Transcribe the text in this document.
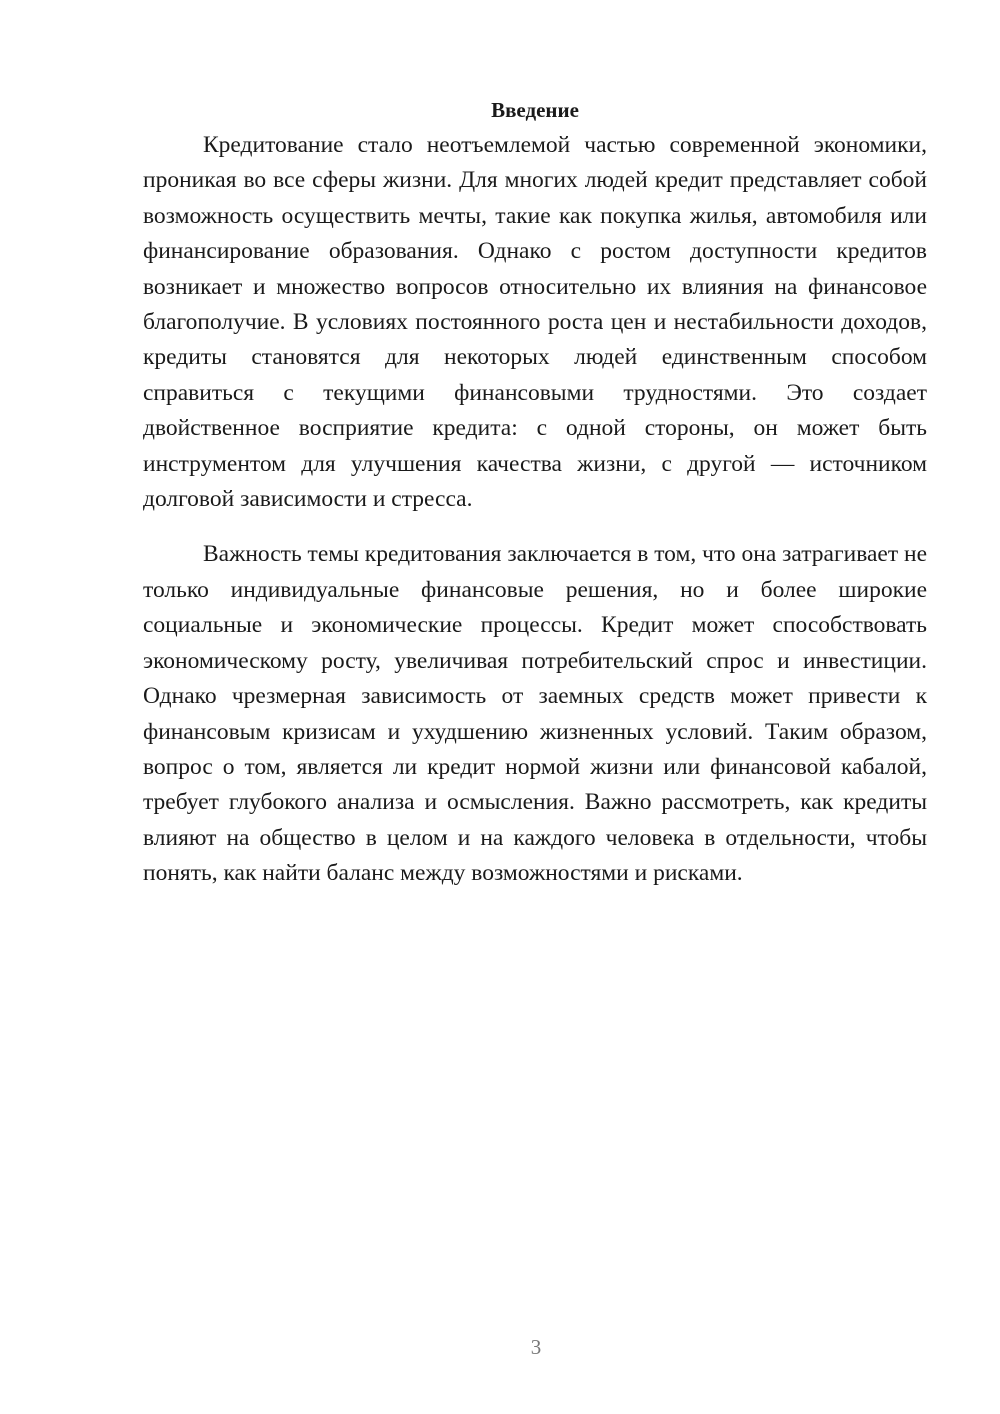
Введение

Кредитование стало неотъемлемой частью современной экономики, проникая во все сферы жизни. Для многих людей кредит представляет собой возможность осуществить мечты, такие как покупка жилья, автомобиля или финансирование образования. Однако с ростом доступности кредитов возникает и множество вопросов относительно их влияния на финансовое благополучие. В условиях постоянного роста цен и нестабильности доходов, кредиты становятся для некоторых людей единственным способом справиться с текущими финансовыми трудностями. Это создает двойственное восприятие кредита: с одной стороны, он может быть инструментом для улучшения качества жизни, с другой — источником долговой зависимости и стресса.

Важность темы кредитования заключается в том, что она затрагивает не только индивидуальные финансовые решения, но и более широкие социальные и экономические процессы. Кредит может способствовать экономическому росту, увеличивая потребительский спрос и инвестиции. Однако чрезмерная зависимость от заемных средств может привести к финансовым кризисам и ухудшению жизненных условий. Таким образом, вопрос о том, является ли кредит нормой жизни или финансовой кабалой, требует глубокого анализа и осмысления. Важно рассмотреть, как кредиты влияют на общество в целом и на каждого человека в отдельности, чтобы понять, как найти баланс между возможностями и рисками.

3
